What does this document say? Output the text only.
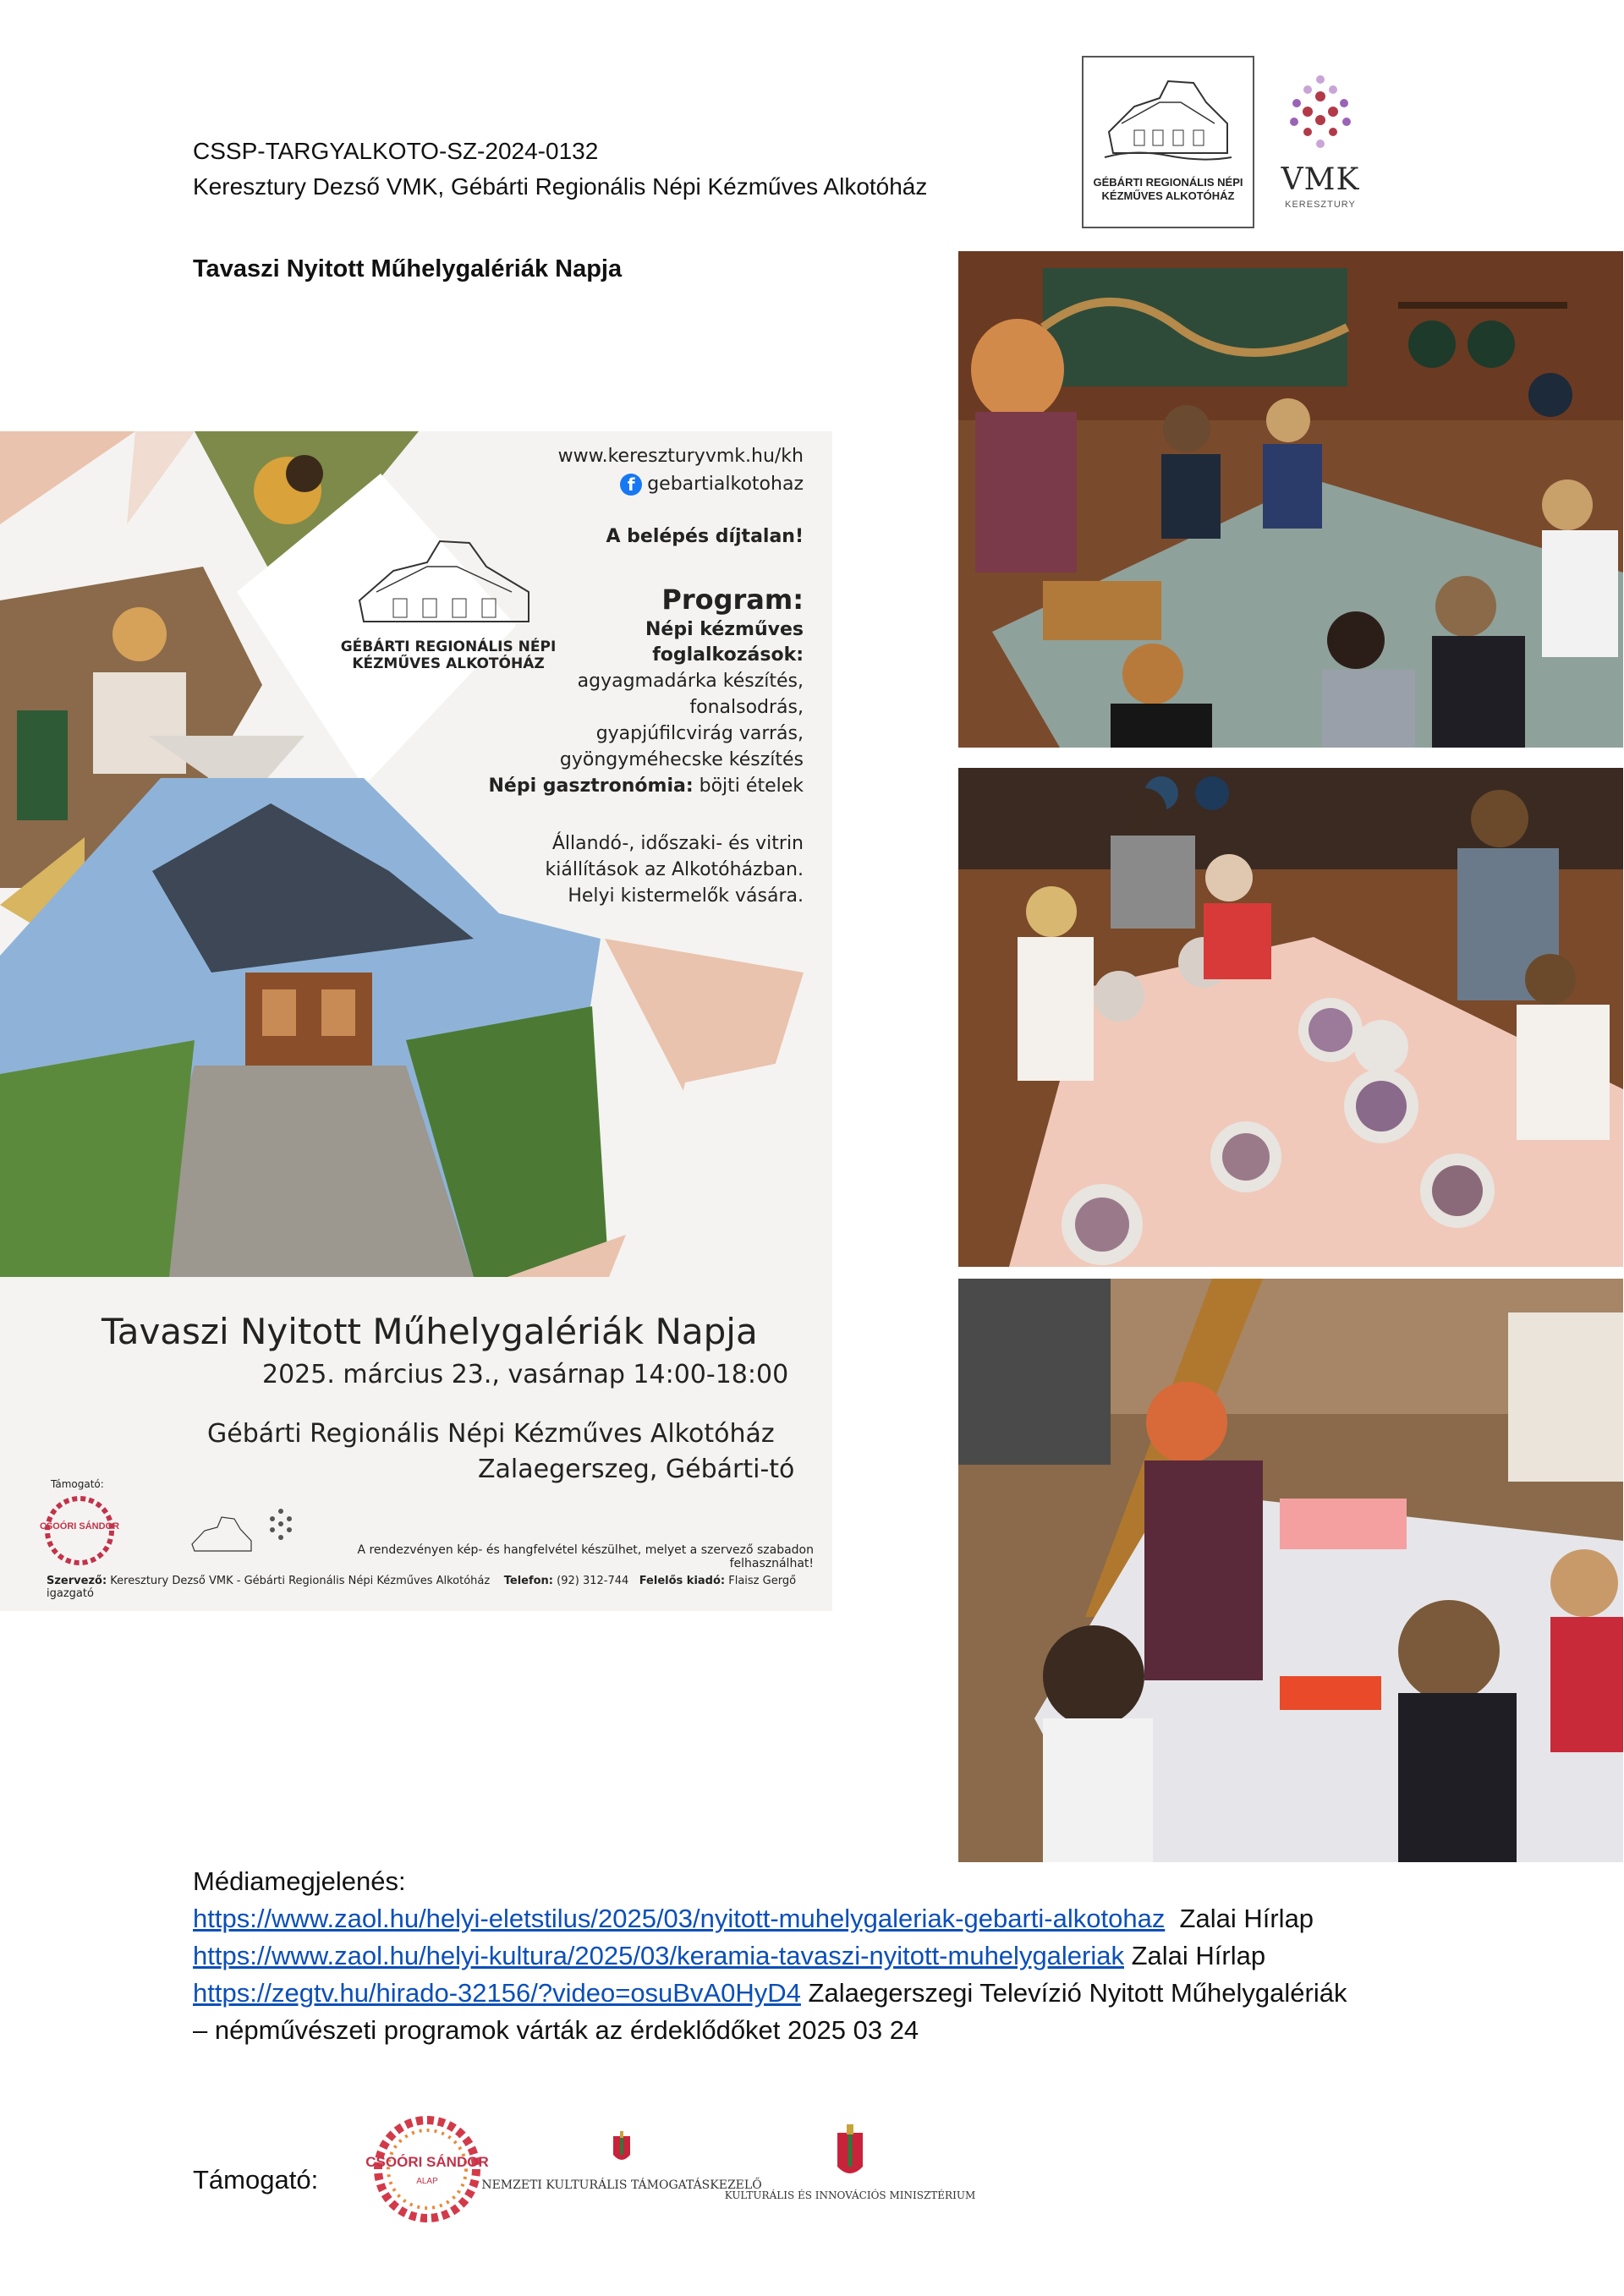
CSSP-TARGYALKOTO-SZ-2024-0132
Keresztury Dezső VMK, Gébárti Regionális Népi Kézműves Alkotóház	GÉBÁRTI REGIONÁLIS NÉPI KÉZMŰVES ALKOTÓHÁZ	VMK
KERESZTURY
Tavaszi Nyitott Műhelygalériák Napja
GÉBÁRTI REGIONÁLIS NÉPI KÉZMŰVES ALKOTÓHÁZ
www.kereszturyvmk.hu/kh
f gebartialkotohaz
A belépés díjtalan!
Program:
Népi kézműves
foglalkozások:
agyagmadárka készítés,
fonalsodrás,
gyapjúfilcvirág varrás,
gyöngyméhecske készítés
Népi gasztronómia: böjti ételek
Állandó-, időszaki- és vitrin
kiállítások az Alkotóházban.
Helyi kistermelők vására.
Tavaszi Nyitott Műhelygalériák Napja
2025. március 23., vasárnap 14:00-18:00
Gébárti Regionális Népi Kézműves Alkotóház
Zalaegerszeg, Gébárti-tó
Támogató:
CSOÓRI SÁNDOR
A rendezvényen kép- és hangfelvétel készülhet, melyet a szervező szabadon felhasználhat!
Szervező: Keresztury Dezső VMK - Gébárti Regionális Népi Kézműves Alkotóház Telefon: (92) 312-744 Felelős kiadó: Flaisz Gergő igazgató
Médiamegjelenés:
https://www.zaol.hu/helyi-eletstilus/2025/03/nyitott-muhelygaleriak-gebarti-alkotohaz  Zalai Hírlap
https://www.zaol.hu/helyi-kultura/2025/03/keramia-tavaszi-nyitott-muhelygaleriak Zalai Hírlap
https://zegtv.hu/hirado-32156/?video=osuBvA0HyD4 Zalaegerszegi Televízió Nyitott Műhelygalériák
– népművészeti programok várták az érdeklődőket 2025 03 24
Támogató:
CSOÓRI SÁNDOR
ALAP	NEMZETI KULTURÁLIS TÁMOGATÁSKEZELŐ
KULTURÁLIS ÉS INNOVÁCIÓS MINISZTÉRIUM
